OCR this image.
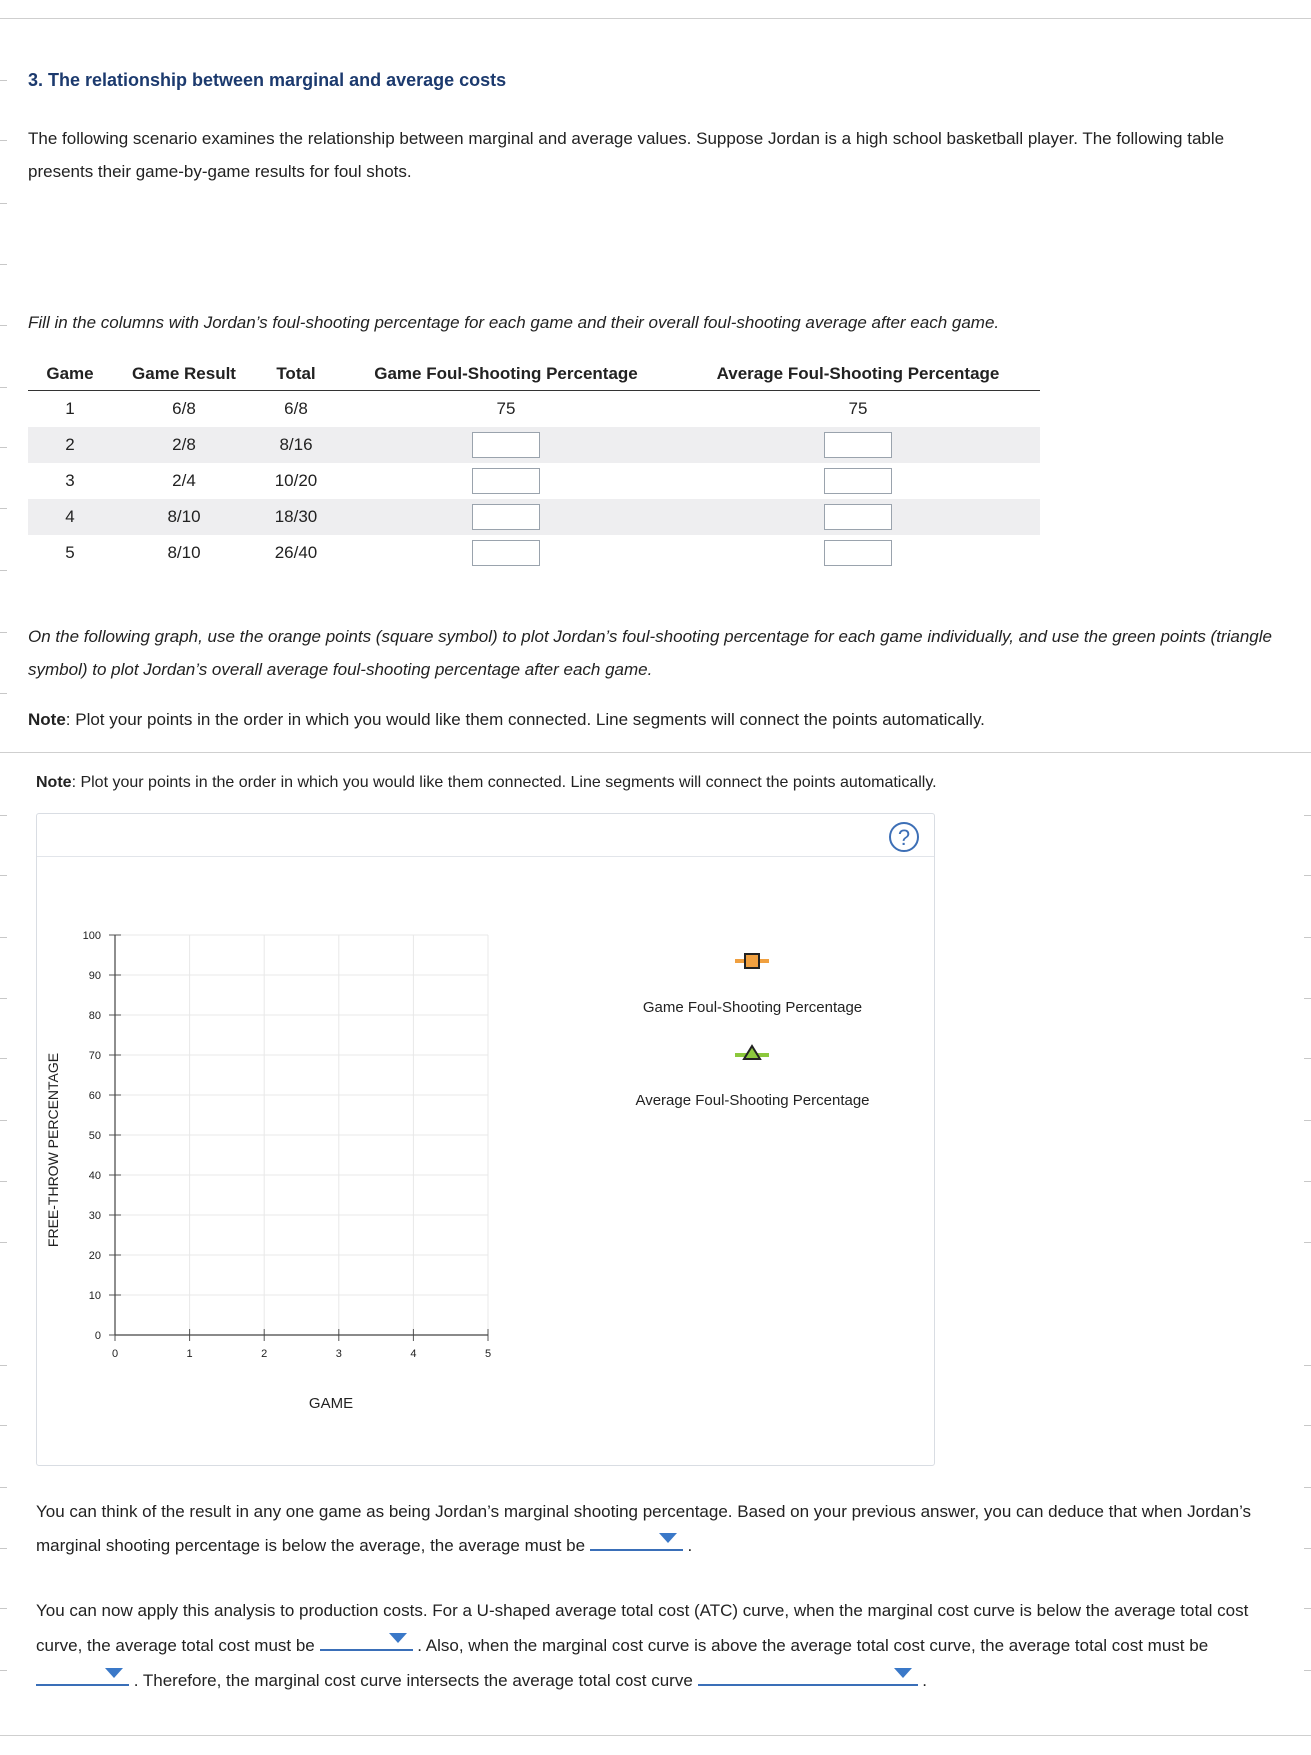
3. The relationship between marginal and average costs
The following scenario examines the relationship between marginal and average values. Suppose Jordan is a high school basketball player. The following table presents their game-by-game results for foul shots.
Fill in the columns with Jordan’s foul-shooting percentage for each game and their overall foul-shooting average after each game.
Game	Game Result	Total	Game Foul-Shooting Percentage	Average Foul-Shooting Percentage
1	6/8	6/8	75	75
2	2/8	8/16		
3	2/4	10/20		
4	8/10	18/30		
5	8/10	26/40		
On the following graph, use the orange points (square symbol) to plot Jordan’s foul-shooting percentage for each game individually, and use the green points (triangle symbol) to plot Jordan’s overall average foul-shooting percentage after each game.
Note: Plot your points in the order in which you would like them connected. Line segments will connect the points automatically.
Note: Plot your points in the order in which you would like them connected. Line segments will connect the points automatically.
?
0
10
20
30
40
50
60
70
80
90
100
0	1	2	3	4	5
GAME
FREE-THROW PERCENTAGE
Game Foul-Shooting Percentage
Average Foul-Shooting Percentage
You can think of the result in any one game as being Jordan’s marginal shooting percentage. Based on your previous answer, you can deduce that when Jordan’s marginal shooting percentage is below the average, the average must be	.
You can now apply this analysis to production costs. For a U-shaped average total cost (ATC) curve, when the marginal cost curve is below the average total cost curve, the average total cost must be	. Also, when the marginal cost curve is above the average total cost curve, the average total cost must be
. Therefore, the marginal cost curve intersects the average total cost curve	.
